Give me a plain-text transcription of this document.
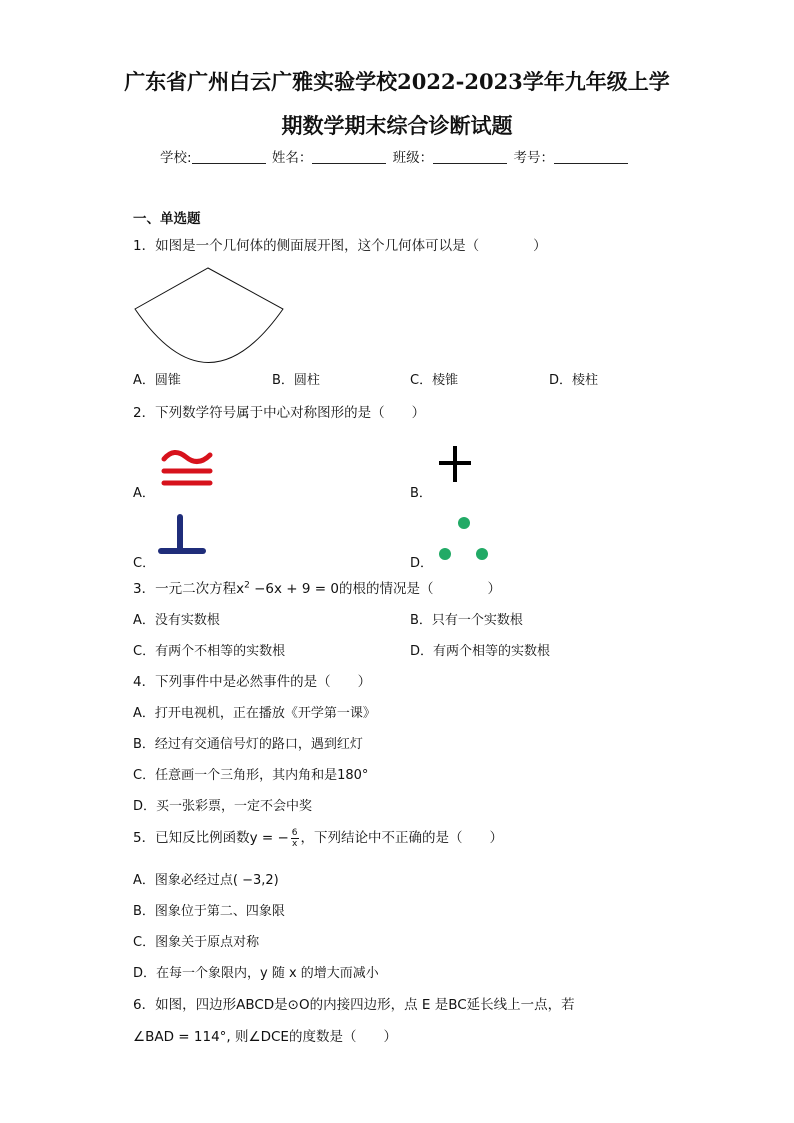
广东省广州白云广雅实验学校2022-2023学年九年级上学
期数学期末综合诊断试题
学校:	姓名：	班级：	考号：
一、单选题
1．如图是一个几何体的侧面展开图，这个几何体可以是（　　　　）
A．圆锥	B．圆柱	C．棱锥	D．棱柱
2．下列数学符号属于中心对称图形的是（　　）
A．	B．
C．	D．
3．一元二次方程$x^2 -6x + 9 = 0$的根的情况是（　　　　）
A．没有实数根	B．只有一个实数根
C．有两个不相等的实数根	D．有两个相等的实数根
4．下列事件中是必然事件的是（　　）
A．打开电视机，正在播放《开学第一课》
B．经过有交通信号灯的路口，遇到红灯
C．任意画一个三角形，其内角和是180°
D．买一张彩票，一定不会中奖
5．已知反比例函数y = − $\frac{6}{x}$ ，下列结论中不正确的是（　　）
A．图象必经过点( −3,2)
B．图象位于第二、四象限
C．图象关于原点对称
D．在每一个象限内，y 随 x 的增大而减小
6．如图，四边形ABCD是⊙O的内接四边形，点 E 是BC延长线上一点，若
∠BAD = 114°, 则∠DCE的度数是（　　）
